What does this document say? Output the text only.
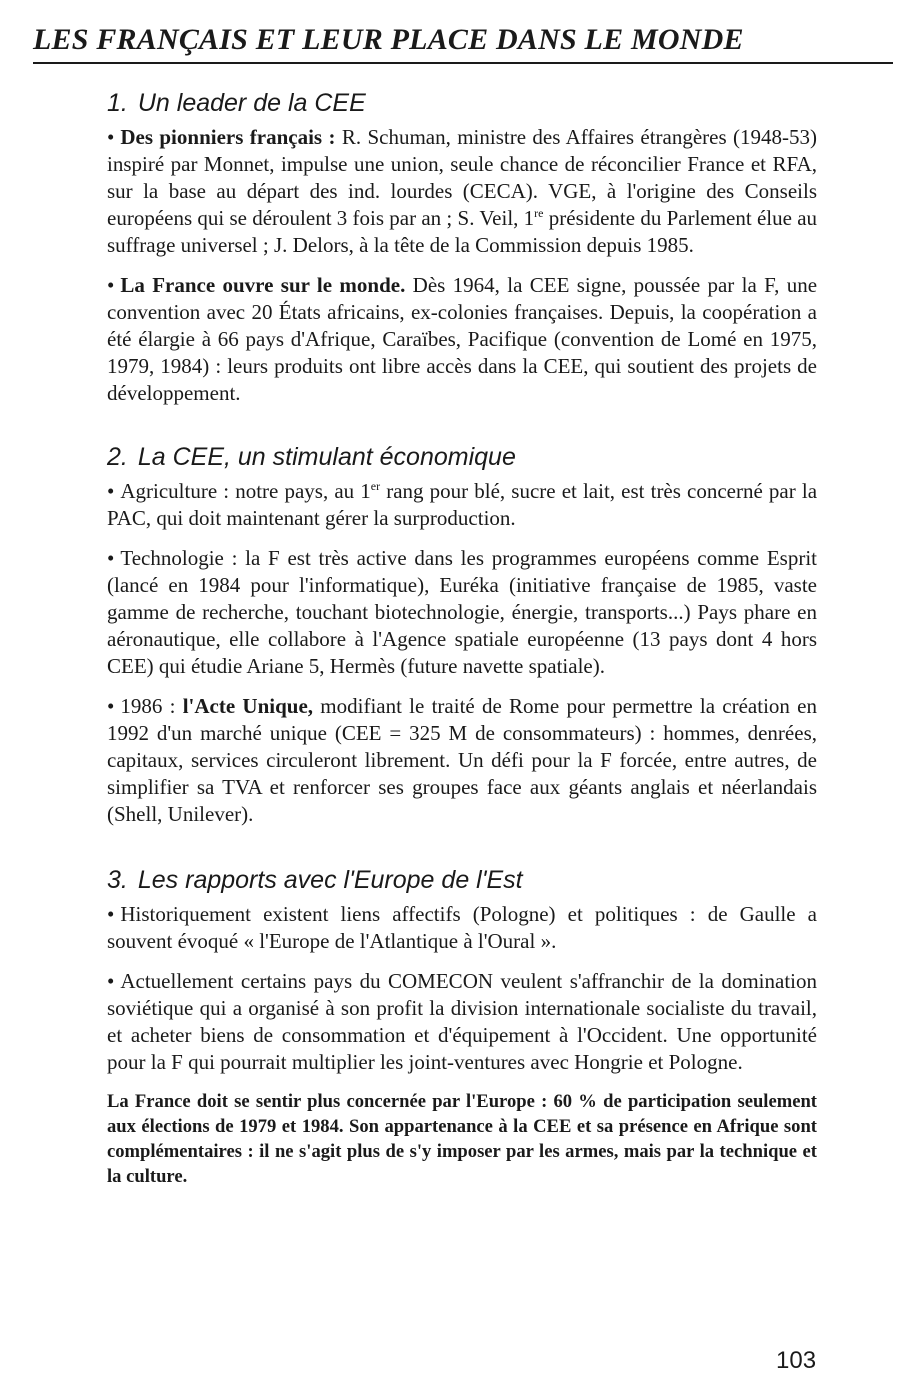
LES FRANÇAIS ET LEUR PLACE DANS LE MONDE
1. Un leader de la CEE

• Des pionniers français : R. Schuman, ministre des Affaires étrangères (1948-53) inspiré par Monnet, impulse une union, seule chance de réconcilier France et RFA, sur la base au départ des ind. lourdes (CECA). VGE, à l'origine des Conseils européens qui se déroulent 3 fois par an ; S. Veil, 1re présidente du Parlement élue au suffrage universel ; J. Delors, à la tête de la Commission depuis 1985.

• La France ouvre sur le monde. Dès 1964, la CEE signe, poussée par la F, une convention avec 20 États africains, ex-colonies françaises. Depuis, la coopération a été élargie à 66 pays d'Afrique, Caraïbes, Pacifique (convention de Lomé en 1975, 1979, 1984) : leurs produits ont libre accès dans la CEE, qui soutient des projets de développement.

2. La CEE, un stimulant économique

• Agriculture : notre pays, au 1er rang pour blé, sucre et lait, est très concerné par la PAC, qui doit maintenant gérer la surproduction.

• Technologie : la F est très active dans les programmes européens comme Esprit (lancé en 1984 pour l'informatique), Euréka (initiative française de 1985, vaste gamme de recherche, touchant biotechnologie, énergie, transports...) Pays phare en aéronautique, elle collabore à l'Agence spatiale européenne (13 pays dont 4 hors CEE) qui étudie Ariane 5, Hermès (future navette spatiale).

• 1986 : l'Acte Unique, modifiant le traité de Rome pour permettre la création en 1992 d'un marché unique (CEE = 325 M de consommateurs) : hommes, denrées, capitaux, services circuleront librement. Un défi pour la F forcée, entre autres, de simplifier sa TVA et renforcer ses groupes face aux géants anglais et néerlandais (Shell, Unilever).

3. Les rapports avec l'Europe de l'Est

• Historiquement existent liens affectifs (Pologne) et politiques : de Gaulle a souvent évoqué « l'Europe de l'Atlantique à l'Oural ».

• Actuellement certains pays du COMECON veulent s'affranchir de la domination soviétique qui a organisé à son profit la division internationale socialiste du travail, et acheter biens de consommation et d'équipement à l'Occident. Une opportunité pour la F qui pourrait multiplier les joint-ventures avec Hongrie et Pologne.

La France doit se sentir plus concernée par l'Europe : 60 % de participation seulement aux élections de 1979 et 1984. Son appartenance à la CEE et sa présence en Afrique sont complémentaires : il ne s'agit plus de s'y imposer par les armes, mais par la technique et la culture.

103
